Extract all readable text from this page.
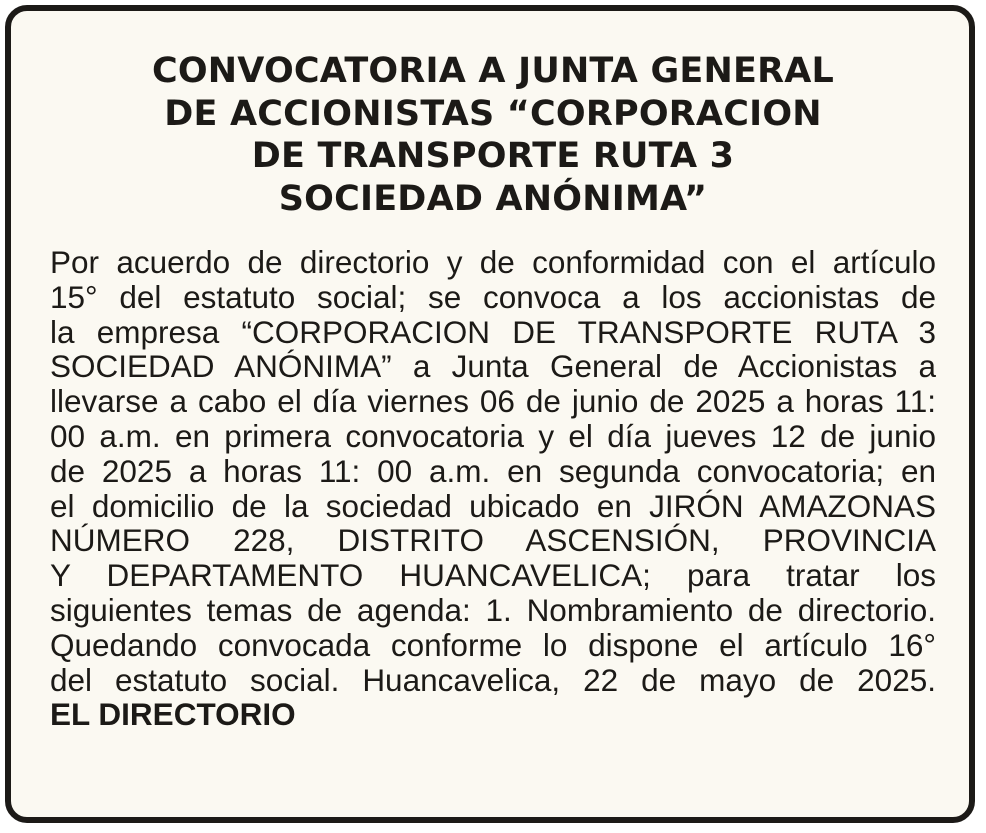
CONVOCATORIA A JUNTA GENERAL
DE ACCIONISTAS “CORPORACION
DE TRANSPORTE RUTA 3
SOCIEDAD ANÓNIMA”
Por acuerdo de directorio y de conformidad con el artículo
15° del estatuto social; se convoca a los accionistas de
la empresa “CORPORACION DE TRANSPORTE RUTA 3
SOCIEDAD ANÓNIMA” a Junta General de Accionistas a
llevarse a cabo el día viernes 06 de junio de 2025 a horas 11:
00 a.m. en primera convocatoria y el día jueves 12 de junio
de 2025 a horas 11: 00 a.m. en segunda convocatoria; en
el domicilio de la sociedad ubicado en JIRÓN AMAZONAS
NÚMERO 228, DISTRITO ASCENSIÓN, PROVINCIA
Y DEPARTAMENTO HUANCAVELICA; para tratar los
siguientes temas de agenda: 1. Nombramiento de directorio.
Quedando convocada conforme lo dispone el artículo 16°
del estatuto social. Huancavelica, 22 de mayo de 2025.
EL DIRECTORIO
